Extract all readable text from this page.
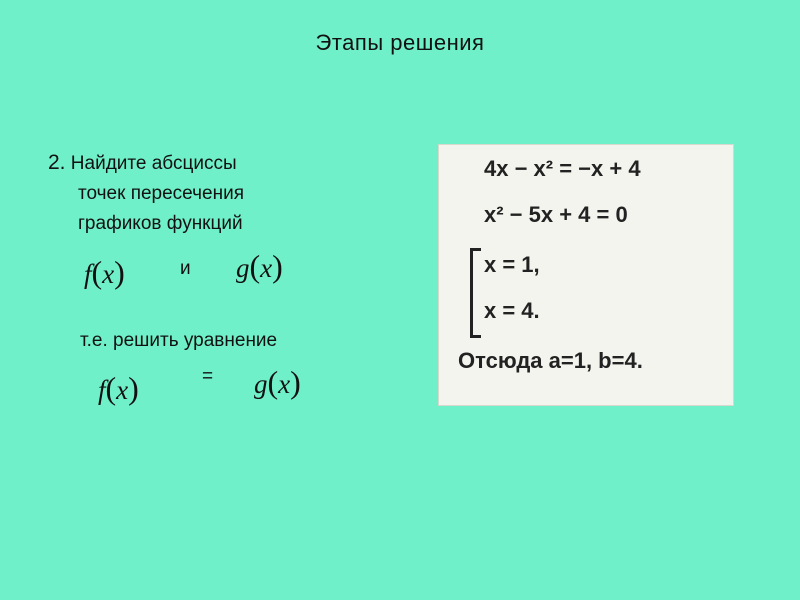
Этапы решения
2. Найдите абсциссы
точек пересечения
графиков функций
f(x)	и g(x)
т.е. решить уравнение
f(x)	= g(x)
4x − x² = −x + 4
x² − 5x + 4 = 0
x = 1,
x = 4.
Отсюда a=1, b=4.
